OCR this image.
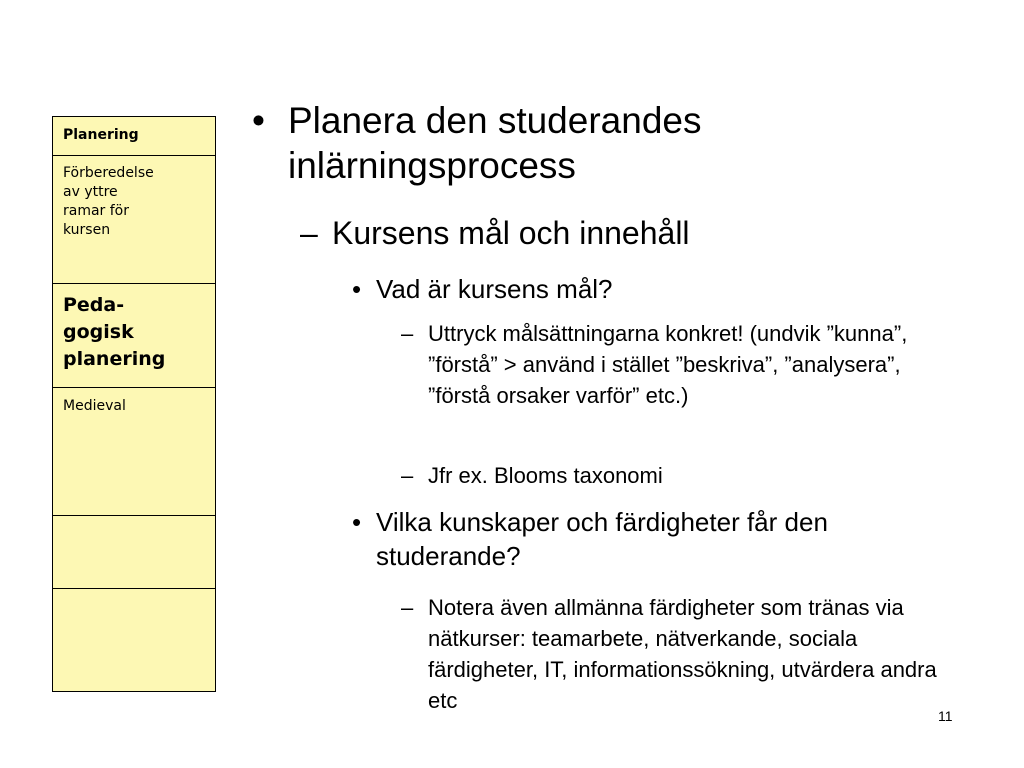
Planering
Förberedelse
av yttre
ramar för
kursen
Peda-
gogisk
planering
Medieval
• Planera den studerandes inlärningsprocess
– Kursens mål och innehåll
• Vad är kursens mål?
– Uttryck målsättningarna konkret! (undvik ”kunna”, ”förstå” > använd i stället ”beskriva”, ”analysera”, ”förstå orsaker varför” etc.)
– Jfr ex. Blooms taxonomi
• Vilka kunskaper och färdigheter får den studerande?
– Notera även allmänna färdigheter som tränas via nätkurser: teamarbete, nätverkande, sociala färdigheter, IT, informationssökning, utvärdera andra etc
11
